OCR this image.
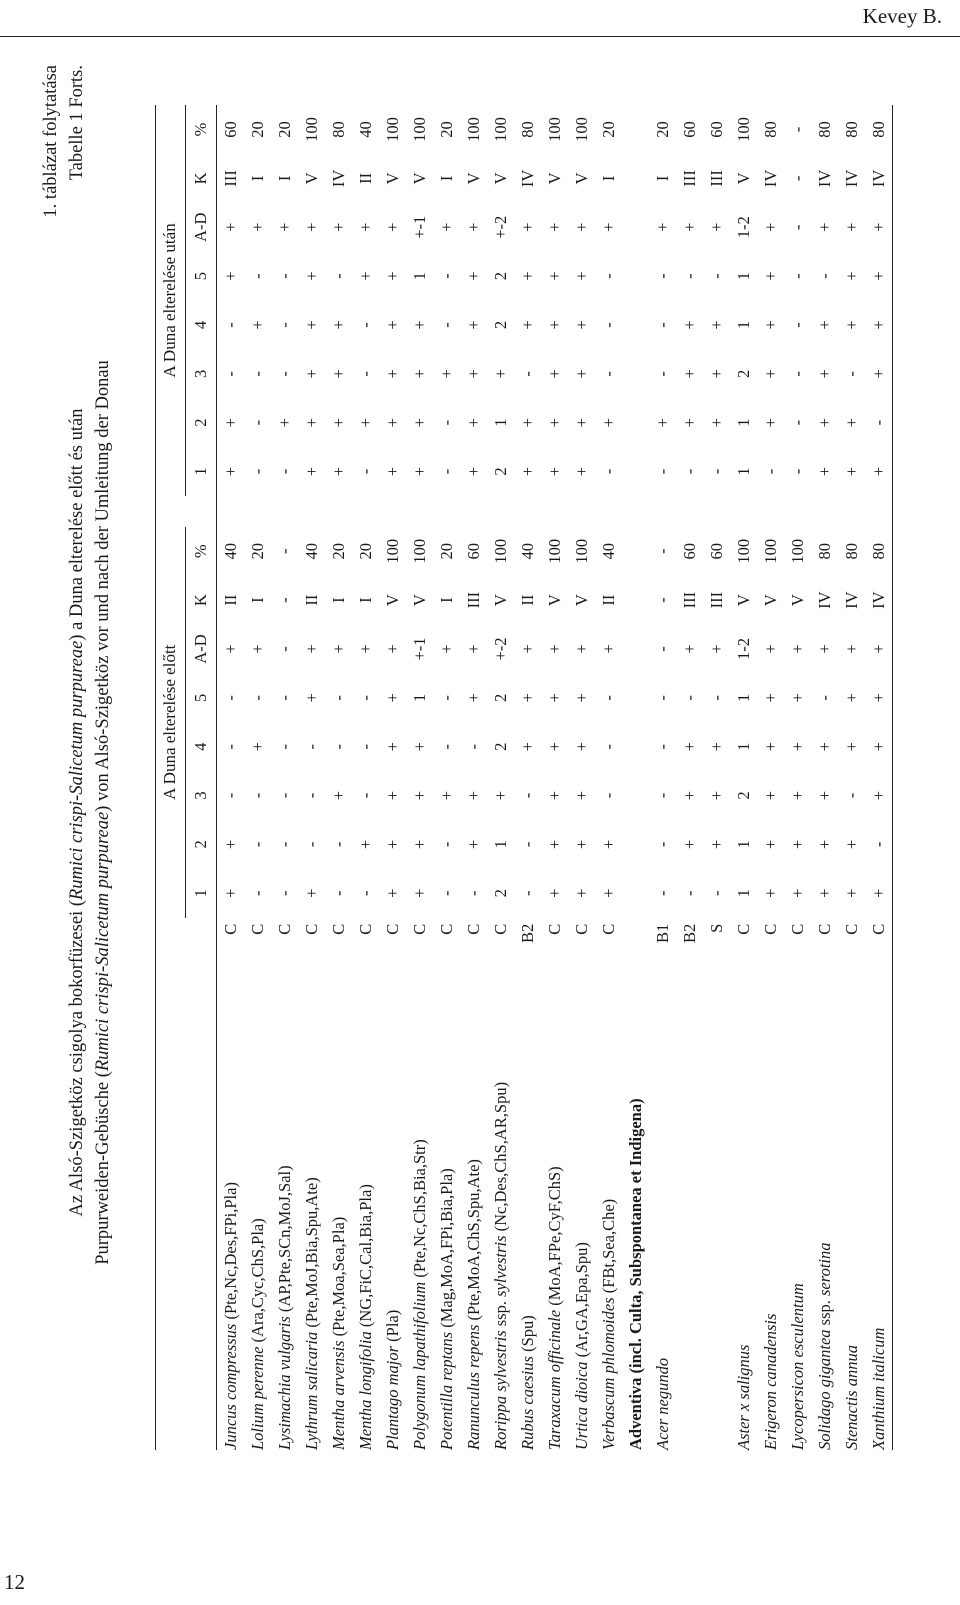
Kevey B.
12
1. táblázat folytatása Tabelle 1 Forts.
Az Alsó-Szigetköz csigolya bokorfüzesei (Rumici crispi-Salicetum purpureae) a Duna elterelése előtt és után
Purpurweiden-Gebüsche (Rumici crispi-Salicetum purpureae) von Alsó-Szigetköz vor und nach der Umleitung der Donau
		A Duna elterelése előtt									A Duna elterelése után							

		1	2	3	4	5	A-D	K	%		1	2	3	4	5	A-D	K	%
Juncus compressus (Pte,Nc,Des,FPi,Pla)	C	+	+	-	-	-	+	II	40		+	+	-	-	+	+	III	60
Lolium perenne (Ara,Cyc,ChS,Pla)	C	-	-	-	+	-	+	I	20		-	-	-	+	-	+	I	20
Lysimachia vulgaris (AP,Pte,SCn,MoJ,Sal)	C	-	-	-	-	-	-	-	-		-	+	-	-	-	+	I	20
Lythrum salicaria (Pte,MoJ,Bia,Spu,Ate)	C	+	-	-	-	+	+	II	40		+	+	+	+	+	+	V	100
Mentha arvensis (Pte,Moa,Sea,Pla)	C	-	-	+	-	-	+	I	20		+	+	+	+	-	+	IV	80
Mentha longifolia (NG,FiC,Cal,Bia,Pla)	C	-	+	-	-	-	+	I	20		-	+	-	-	+	+	II	40
Plantago major (Pla)	C	+	+	+	+	+	+	V	100		+	+	+	+	+	+	V	100
Polygonum lapathifolium (Pte,Nc,ChS,Bia,Str)	C	+	+	+	+	1	+-1	V	100		+	+	+	+	1	+-1	V	100
Potentilla reptans (Mag,MoA,FPi,Bia,Pla)	C	-	-	+	-	-	+	I	20		-	-	+	-	-	+	I	20
Ranunculus repens (Pte,MoA,ChS,Spu,Ate)	C	-	+	+	-	+	+	III	60		+	+	+	+	+	+	V	100
Rorippa sylvestris ssp. sylvestris (Nc,Des,ChS,AR,Spu)	C	2	1	+	2	2	+-2	V	100		2	1	+	2	2	+-2	V	100
Rubus caesius (Spu)	B2	-	-	-	+	+	+	II	40		+	+	-	+	+	+	IV	80
Taraxacum officinale (MoA,FPe,CyF,ChS)	C	+	+	+	+	+	+	V	100		+	+	+	+	+	+	V	100
Urtica dioica (Ar,GA,Epa,Spu)	C	+	+	+	+	+	+	V	100		+	+	+	+	+	+	V	100
Verbascum phlomoides (FBt,Sea,Che)	C	+	+	-	-	-	+	II	40		-	+	-	-	-	+	I	20
Adventiva (incl. Culta, Subspontanea et Indigena)																		
Acer negundo	B1	-	-	-	-	-	-	-	-		-	+	-	-	-	+	I	20
	B2	-	+	+	+	-	+	III	60		-	+	+	+	-	+	III	60
	S	-	+	+	+	-	+	III	60		-	+	+	+	-	+	III	60
Aster x salignus	C	1	1	2	1	1	1-2	V	100		1	1	2	1	1	1-2	V	100
Erigeron canadensis	C	+	+	+	+	+	+	V	100		-	+	+	+	+	+	IV	80
Lycopersicon esculentum	C	+	+	+	+	+	+	V	100		-	-	-	-	-	-	-	-
Solidago gigantea ssp. serotina	C	+	+	+	+	-	+	IV	80		+	+	+	+	-	+	IV	80
Stenactis annua	C	+	+	-	+	+	+	IV	80		+	+	-	+	+	+	IV	80
Xanthium italicum	C	+	-	+	+	+	+	IV	80		+	-	+	+	+	+	IV	80
